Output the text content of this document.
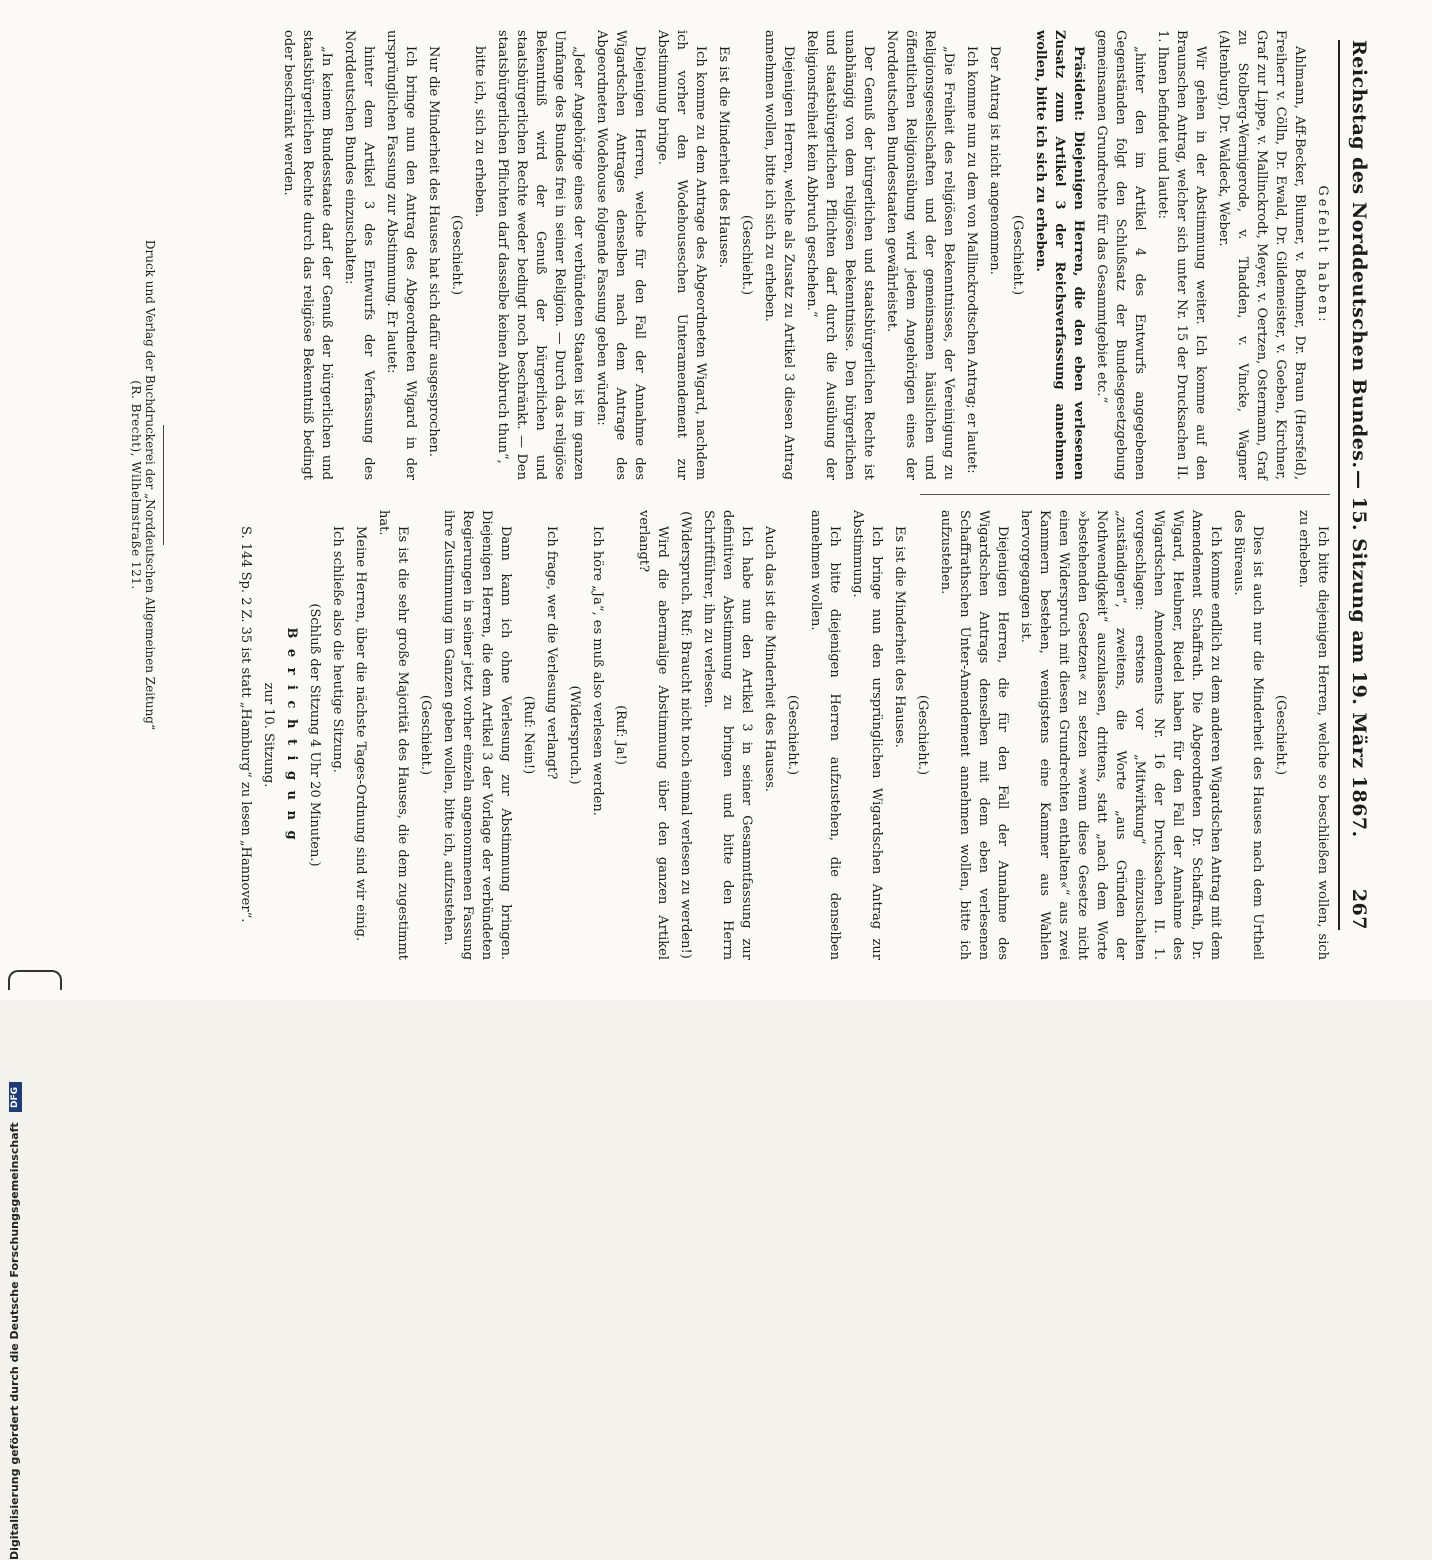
Reichstag des Norddeutschen Bundes.
— 15. Sitzung am 19. März 1867.
267

Gefehlt haben:

Ahlmann, Aff-Becker, Blumer, v. Bothmer, Dr. Braun (Hersfeld), Freiherr v. Cölln, Dr. Ewald, Dr. Gildemeister, v. Goeben, Kirchner, Graf zur Lippe, v. Mallinckrodt, Meyer, v. Oertzen, Ostermann, Graf zu Stolberg-Wernigerode, v. Thadden, v. Vincke, Wagner (Altenburg), Dr. Waldeck, Weber.

Wir gehen in der Abstimmung weiter. Ich komme auf den Braunschen Antrag, welcher sich unter Nr. 15 der Drucksachen II. 1. Ihnen befindet und lautet:

„hinter den im Artikel 4 des Entwurfs angegebenen Gegenständen folgt den Schlußsatz der Bundesgesetzgebung gemeinsamen Grundrechte für das Gesammtgebiet etc.“

Präsident: Diejenigen Herren, die den eben verlesenen Zusatz zum Artikel 3 der Reichsverfassung annehmen wollen, bitte ich sich zu erheben.

(Geschieht.)

Der Antrag ist nicht angenommen.

Ich komme nun zu dem von Mallinckrodtschen Antrag; er lautet:

„Die Freiheit des religiösen Bekenntnisses, der Vereinigung zu Religionsgesellschaften und der gemeinsamen häuslichen und öffentlichen Religionsübung wird jedem Angehörigen eines der Norddeutschen Bundesstaaten gewährleistet.

Der Genuß der bürgerlichen und staatsbürgerlichen Rechte ist unabhängig von dem religiösen Bekenntnisse. Den bürgerlichen und staatsbürgerlichen Pflichten darf durch die Ausübung der Religionsfreiheit kein Abbruch geschehen.“

Diejenigen Herren, welche als Zusatz zu Artikel 3 diesen Antrag annehmen wollen, bitte ich sich zu erheben.

(Geschieht.)

Es ist die Minderheit des Hauses.

Ich komme zu dem Antrage des Abgeordneten Wigard, nachdem ich vorher den Wodehouseschen Unteramendement zur Abstimmung bringe.

Diejenigen Herren, welche für den Fall der Annahme des Wigardschen Antrages denselben nach dem Antrage des Abgeordneten Wodehouse folgende Fassung geben würden:

„Jeder Angehörige eines der verbündeten Staaten ist im ganzen Umfange des Bundes frei in seiner Religion. — Durch das religiöse Bekenntniß wird der Genuß der bürgerlichen und staatsbürgerlichen Rechte weder bedingt noch beschränkt. — Den staatsbürgerlichen Pflichten darf dasselbe keinen Abbruch thun“,

bitte ich, sich zu erheben.

(Geschieht.)

Nur die Minderheit des Hauses hat sich dafür ausgesprochen.

Ich bringe nun den Antrag des Abgeordneten Wigard in der ursprünglichen Fassung zur Abstimmung. Er lautet:

hinter dem Artikel 3 des Entwurfs der Verfassung des Norddeutschen Bundes einzuschalten:

„In keinem Bundesstaate darf der Genuß der bürgerlichen und staatsbürgerlichen Rechte durch das religiöse Bekenntniß bedingt oder beschränkt werden.

Ich bitte diejenigen Herren, welche so beschließen wollen, sich zu erheben.

(Geschieht.)

Dies ist auch nur die Minderheit des Hauses nach dem Urtheil des Büreaus.

Ich komme endlich zu dem anderen Wigardschen Antrag mit dem Amendement Schaffrath. Die Abgeordneten Dr. Schaffrath, Dr. Wigard, Heubner, Riedel haben für den Fall der Annahme des Wigardschen Amendements Nr. 16 der Drucksachen II. 1. vorgeschlagen: erstens vor „Mitwirkung“ einzuschalten „zuständigen“, zweitens, die Worte „aus Gründen der Nothwendigkeit“ auszulassen, drittens, statt „nach dem Worte »bestehenden Gesetzen« zu setzen »wenn diese Gesetze nicht einen Widerspruch mit diesen Grundrechten enthalten«“ aus zwei Kammern bestehen, wenigstens eine Kammer aus Wahlen hervorgegangen ist.

Diejenigen Herren, die für den Fall der Annahme des Wigardschen Antrags denselben mit dem eben verlesenen Schaffrathschen Unter-Amendement annehmen wollen, bitte ich aufzustehen.

(Geschieht.)

Es ist die Minderheit des Hauses.

Ich bringe nun den ursprünglichen Wigardschen Antrag zur Abstimmung.

Ich bitte diejenigen Herren aufzustehen, die denselben annehmen wollen.

(Geschieht.)

Auch das ist die Minderheit des Hauses.

Ich habe nun den Artikel 3 in seiner Gesammtfassung zur definitiven Abstimmung zu bringen und bitte den Herrn Schriftführer, ihn zu verlesen.

(Widerspruch. Ruf: Braucht nicht noch einmal verlesen zu werden!)

Wird die abermalige Abstimmung über den ganzen Artikel verlangt?

(Ruf: Ja!)

Ich höre „Ja“, es muß also verlesen werden.

(Widerspruch.)

Ich frage, wer die Verlesung verlangt?

(Ruf: Nein!)

Dann kann ich ohne Verlesung zur Abstimmung bringen. Diejenigen Herren, die dem Artikel 3 der Vorlage der verbündeten Regierungen in seiner jetzt vorher einzeln angenommenen Fassung ihre Zustimmung im Ganzen geben wollen, bitte ich, aufzustehen.

(Geschieht.)

Es ist die sehr große Majorität des Hauses, die dem zugestimmt hat.

Meine Herren, über die nächste Tages-Ordnung sind wir einig.

Ich schließe also die heutige Sitzung.

(Schluß der Sitzung 4 Uhr 20 Minuten.)

B e r i c h t i g u n g

zur 10. Sitzung.

S. 144 Sp. 2 Z. 35 ist statt „Hamburg“ zu lesen „Hannover“.

Druck und Verlag der Buchdruckerei der „Norddeutschen Allgemeinen Zeitung“
(R. Brecht), Wilhelmstraße 121.
Digitalisierung gefördert durch die Deutsche Forschungsgemeinschaft DFG
